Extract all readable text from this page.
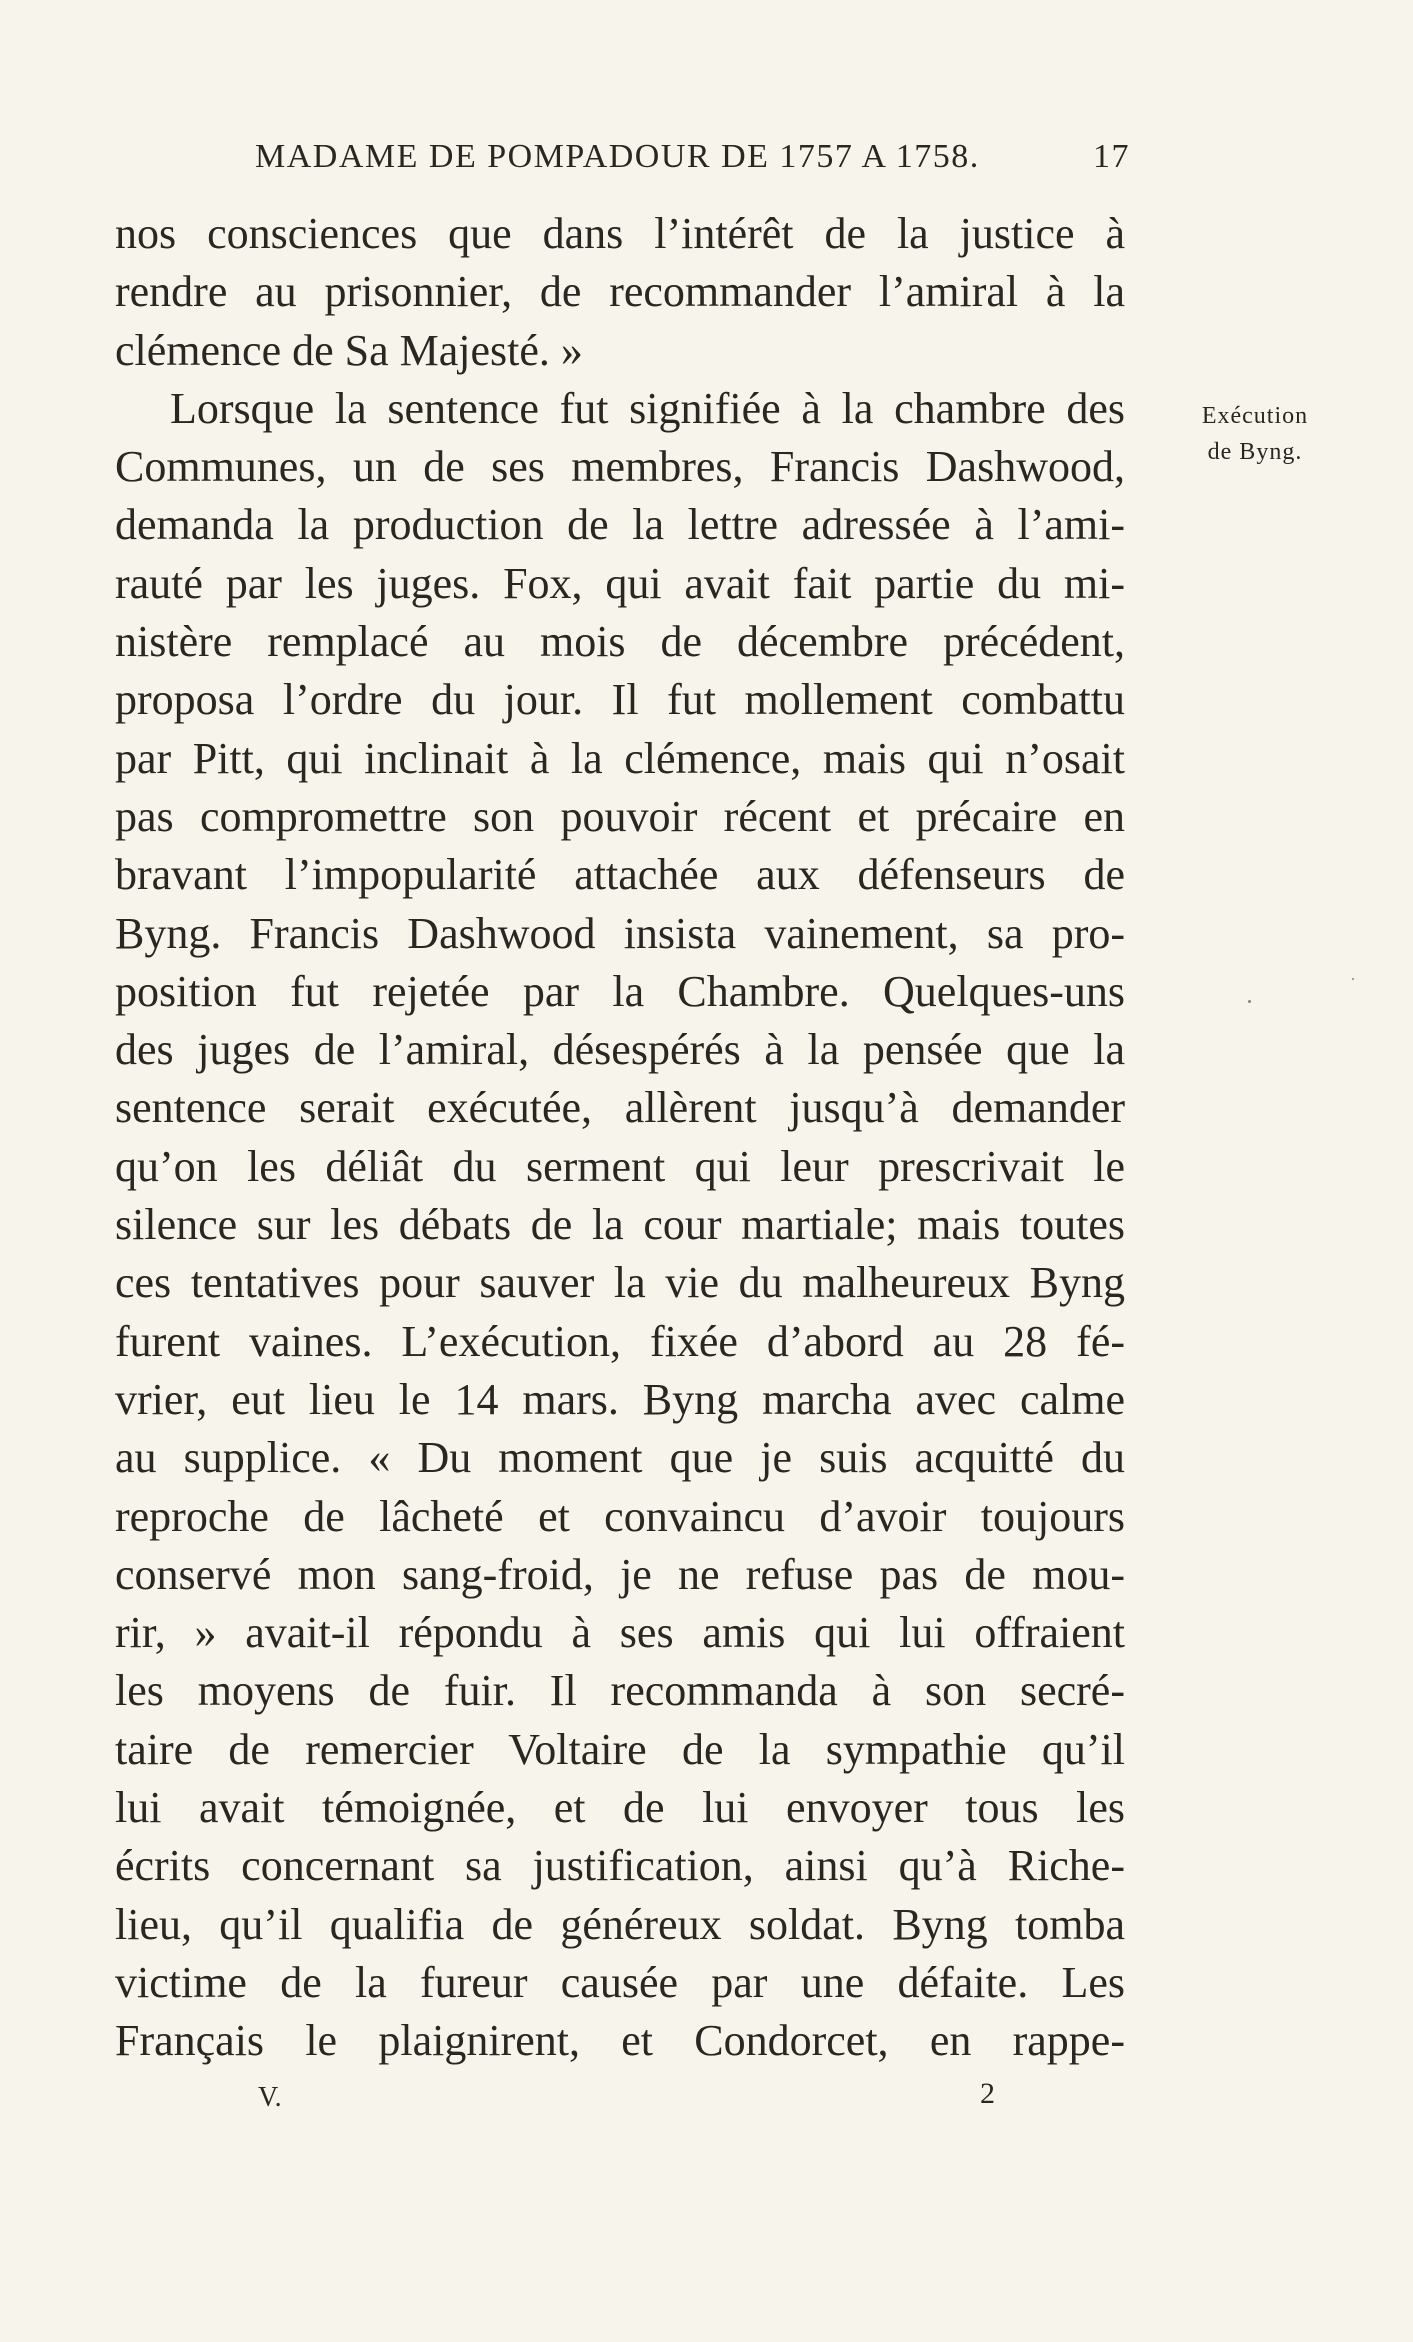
MADAME DE POMPADOUR DE 1757 A 1758.	17
nos consciences que dans l’intérêt de la justice à
rendre au prisonnier, de recommander l’amiral à la
clémence de Sa Majesté. »
Lorsque la sentence fut signifiée à la chambre des
Communes, un de ses membres, Francis Dashwood,
demanda la production de la lettre adressée à l’ami-
rauté par les juges. Fox, qui avait fait partie du mi-
nistère remplacé au mois de décembre précédent,
proposa l’ordre du jour. Il fut mollement combattu
par Pitt, qui inclinait à la clémence, mais qui n’osait
pas compromettre son pouvoir récent et précaire en
bravant l’impopularité attachée aux défenseurs de
Byng. Francis Dashwood insista vainement, sa pro-
position fut rejetée par la Chambre. Quelques-uns
des juges de l’amiral, désespérés à la pensée que la
sentence serait exécutée, allèrent jusqu’à demander
qu’on les déliât du serment qui leur prescrivait le
silence sur les débats de la cour martiale; mais toutes
ces tentatives pour sauver la vie du malheureux Byng
furent vaines. L’exécution, fixée d’abord au 28 fé-
vrier, eut lieu le 14 mars. Byng marcha avec calme
au supplice. « Du moment que je suis acquitté du
reproche de lâcheté et convaincu d’avoir toujours
conservé mon sang-froid, je ne refuse pas de mou-
rir, » avait-il répondu à ses amis qui lui offraient
les moyens de fuir. Il recommanda à son secré-
taire de remercier Voltaire de la sympathie qu’il
lui avait témoignée, et de lui envoyer tous les
écrits concernant sa justification, ainsi qu’à Riche-
lieu, qu’il qualifia de généreux soldat. Byng tomba
victime de la fureur causée par une défaite. Les
Français le plaignirent, et Condorcet, en rappe-
Exécution
de Byng.
V.	2
